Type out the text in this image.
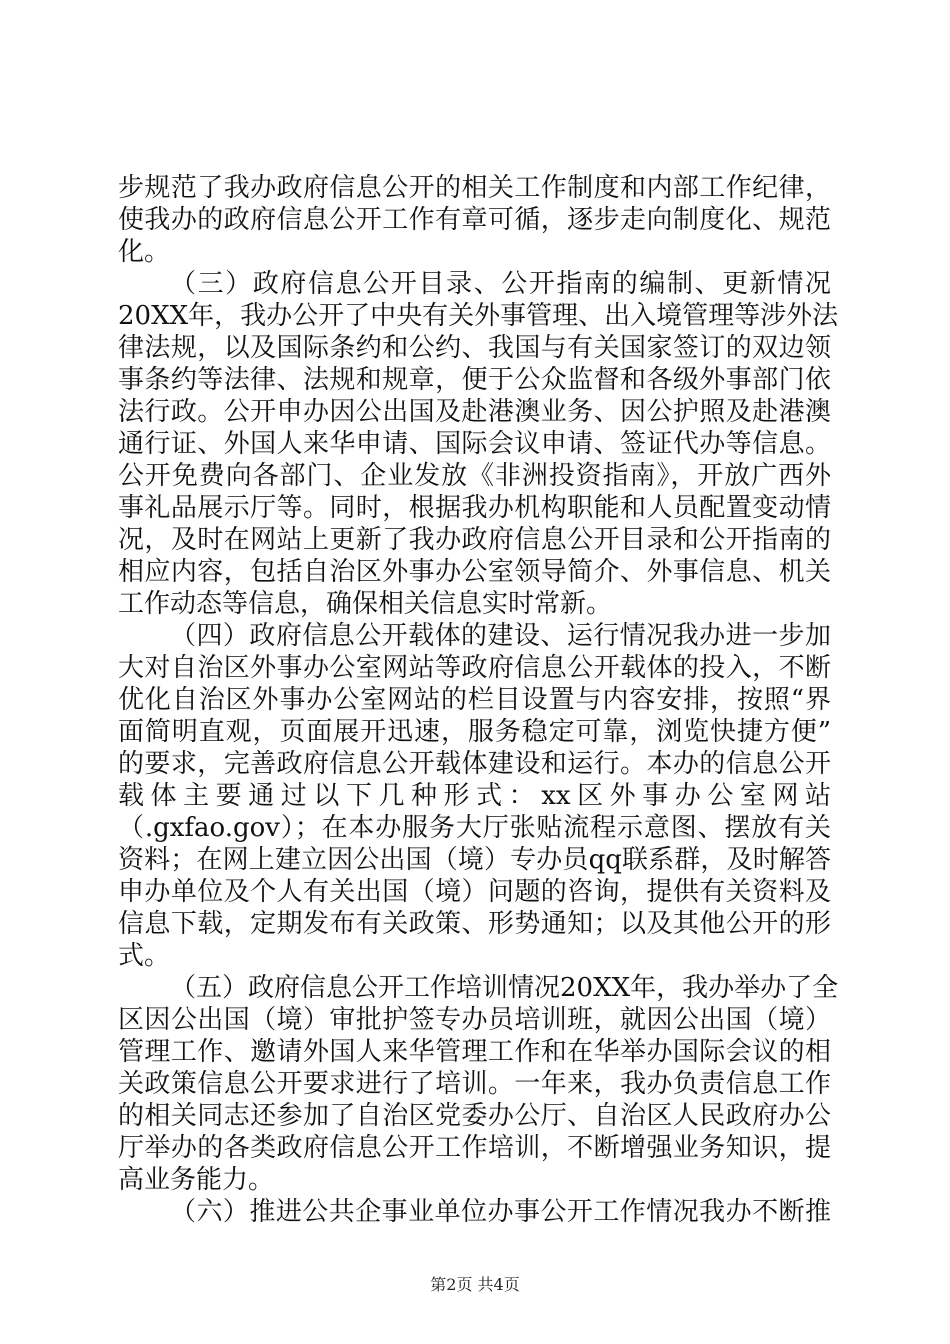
步规范了我办政府信息公开的相关工作制度和内部工作纪律，
使我办的政府信息公开工作有章可循，逐步走向制度化、规范
化。
（三）政府信息公开目录、公开指南的编制、更新情况
20XX年，我办公开了中央有关外事管理、出入境管理等涉外法
律法规，以及国际条约和公约、我国与有关国家签订的双边领
事条约等法律、法规和规章，便于公众监督和各级外事部门依
法行政。公开申办因公出国及赴港澳业务、因公护照及赴港澳
通行证、外国人来华申请、国际会议申请、签证代办等信息。
公开免费向各部门、企业发放《非洲投资指南》，开放广西外
事礼品展示厅等。同时，根据我办机构职能和人员配置变动情
况，及时在网站上更新了我办政府信息公开目录和公开指南的
相应内容，包括自治区外事办公室领导简介、外事信息、机关
工作动态等信息，确保相关信息实时常新。
（四）政府信息公开载体的建设、运行情况我办进一步加
大对自治区外事办公室网站等政府信息公开载体的投入，不断
优化自治区外事办公室网站的栏目设置与内容安排，按照“界
面简明直观，页面展开迅速，服务稳定可靠，浏览快捷方便”
的要求，完善政府信息公开载体建设和运行。本办的信息公开
载体主要通过以下几种形式：xx区外事办公室网站
（.gxfao.gov）；在本办服务大厅张贴流程示意图、摆放有关
资料；在网上建立因公出国（境）专办员qq联系群，及时解答
申办单位及个人有关出国（境）问题的咨询，提供有关资料及
信息下载，定期发布有关政策、形势通知；以及其他公开的形
式。
（五）政府信息公开工作培训情况20XX年，我办举办了全
区因公出国（境）审批护签专办员培训班，就因公出国（境）
管理工作、邀请外国人来华管理工作和在华举办国际会议的相
关政策信息公开要求进行了培训。一年来，我办负责信息工作
的相关同志还参加了自治区党委办公厅、自治区人民政府办公
厅举办的各类政府信息公开工作培训，不断增强业务知识，提
高业务能力。
（六）推进公共企事业单位办事公开工作情况我办不断推
第2页 共4页
